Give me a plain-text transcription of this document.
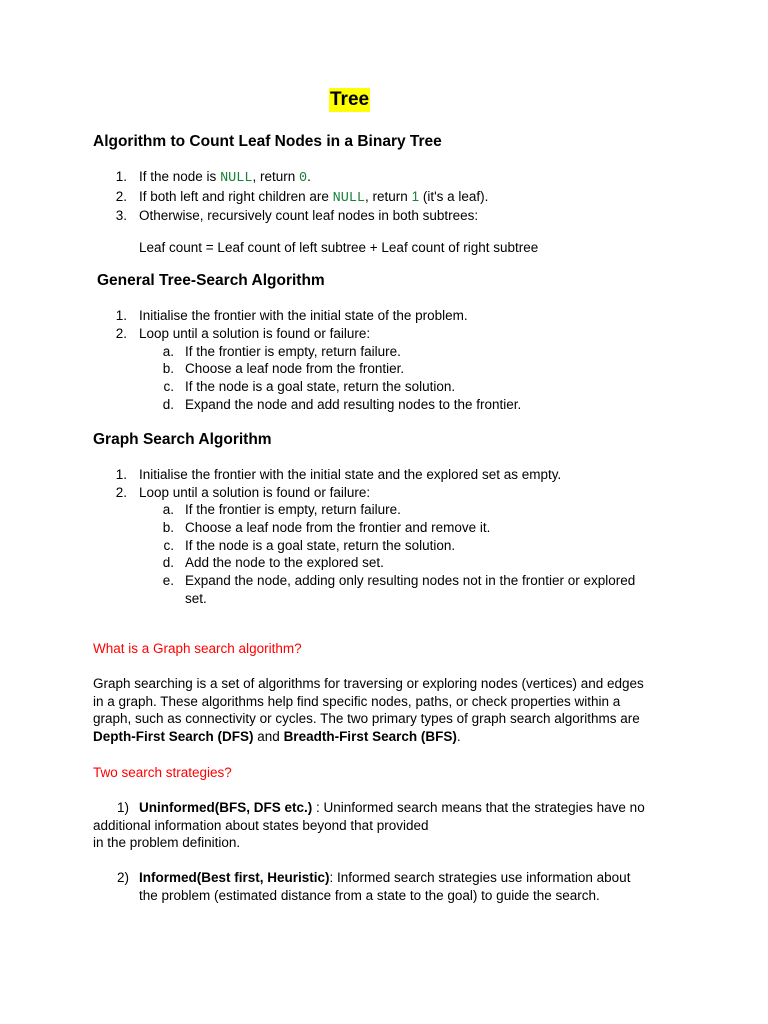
Tree
Algorithm to Count Leaf Nodes in a Binary Tree
1. If the node is NULL, return 0.
2. If both left and right children are NULL, return 1 (it's a leaf).
3. Otherwise, recursively count leaf nodes in both subtrees:
Leaf count = Leaf count of left subtree + Leaf count of right subtree
General Tree-Search Algorithm
1. Initialise the frontier with the initial state of the problem.
2. Loop until a solution is found or failure:
a. If the frontier is empty, return failure.
b. Choose a leaf node from the frontier.
c. If the node is a goal state, return the solution.
d. Expand the node and add resulting nodes to the frontier.
Graph Search Algorithm
1. Initialise the frontier with the initial state and the explored set as empty.
2. Loop until a solution is found or failure:
a. If the frontier is empty, return failure.
b. Choose a leaf node from the frontier and remove it.
c. If the node is a goal state, return the solution.
d. Add the node to the explored set.
e. Expand the node, adding only resulting nodes not in the frontier or explored
set.
What is a Graph search algorithm?
Graph searching is a set of algorithms for traversing or exploring nodes (vertices) and edges
in a graph. These algorithms help find specific nodes, paths, or check properties within a
graph, such as connectivity or cycles. The two primary types of graph search algorithms are
Depth-First Search (DFS) and Breadth-First Search (BFS).
Two search strategies?
1) Uninformed(BFS, DFS etc.) : Uninformed search means that the strategies have no
additional information about states beyond that provided
in the problem definition.
2) Informed(Best first, Heuristic): Informed search strategies use information about
the problem (estimated distance from a state to the goal) to guide the search.
